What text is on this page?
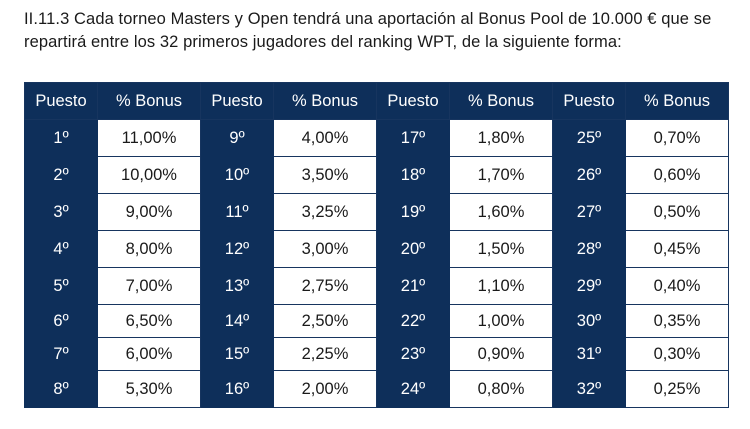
II.11.3 Cada torneo Masters y Open tendrá una aportación al Bonus Pool de 10.000 € que se repartirá entre los 32 primeros jugadores del ranking WPT, de la siguiente forma:

Puesto	% Bonus	Puesto	% Bonus	Puesto	% Bonus	Puesto	% Bonus
1º	11,00%	9º	4,00%	17º	1,80%	25º	0,70%
2º	10,00%	10º	3,50%	18º	1,70%	26º	0,60%
3º	9,00%	11º	3,25%	19º	1,60%	27º	0,50%
4º	8,00%	12º	3,00%	20º	1,50%	28º	0,45%
5º	7,00%	13º	2,75%	21º	1,10%	29º	0,40%
6º	6,50%	14º	2,50%	22º	1,00%	30º	0,35%
7º	6,00%	15º	2,25%	23º	0,90%	31º	0,30%
8º	5,30%	16º	2,00%	24º	0,80%	32º	0,25%
